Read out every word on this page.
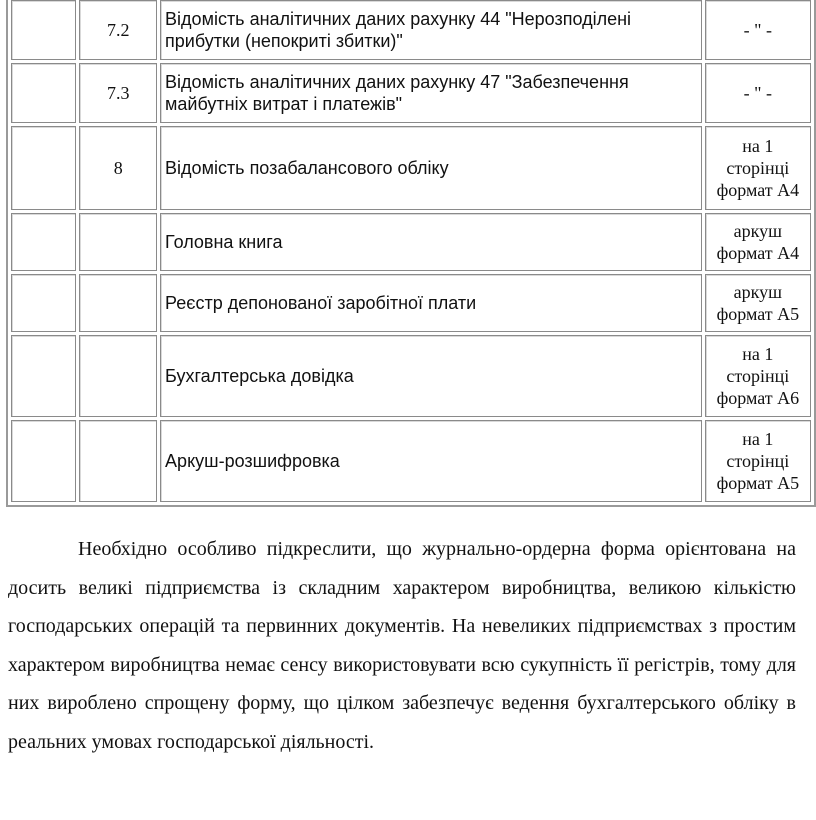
	7.2	Відомість аналітичних даних рахунку 44 "Нерозподілені прибутки (непокриті збитки)"	- " -
	7.3	Відомість аналітичних даних рахунку 47 "Забезпечення майбутніх витрат і платежів"	- " -
	8	Відомість позабалансового обліку	на 1 сторінці формат А4
		Головна книга	аркуш формат А4
		Реєстр депонованої заробітної плати	аркуш формат А5
		Бухгалтерська довідка	на 1 сторінці формат А6
		Аркуш-розшифровка	на 1 сторінці формат А5

Необхідно особливо підкреслити, що журнально-ордерна форма орієнтована на досить великі підприємства із складним характером виробництва, великою кількістю господарських операцій та первинних документів. На невеликих підприємствах з простим характером виробництва немає сенсу використовувати всю сукупність її регістрів, тому для них вироблено спрощену форму, що цілком забезпечує ведення бухгалтерського обліку в реальних умовах господарської діяльності.
